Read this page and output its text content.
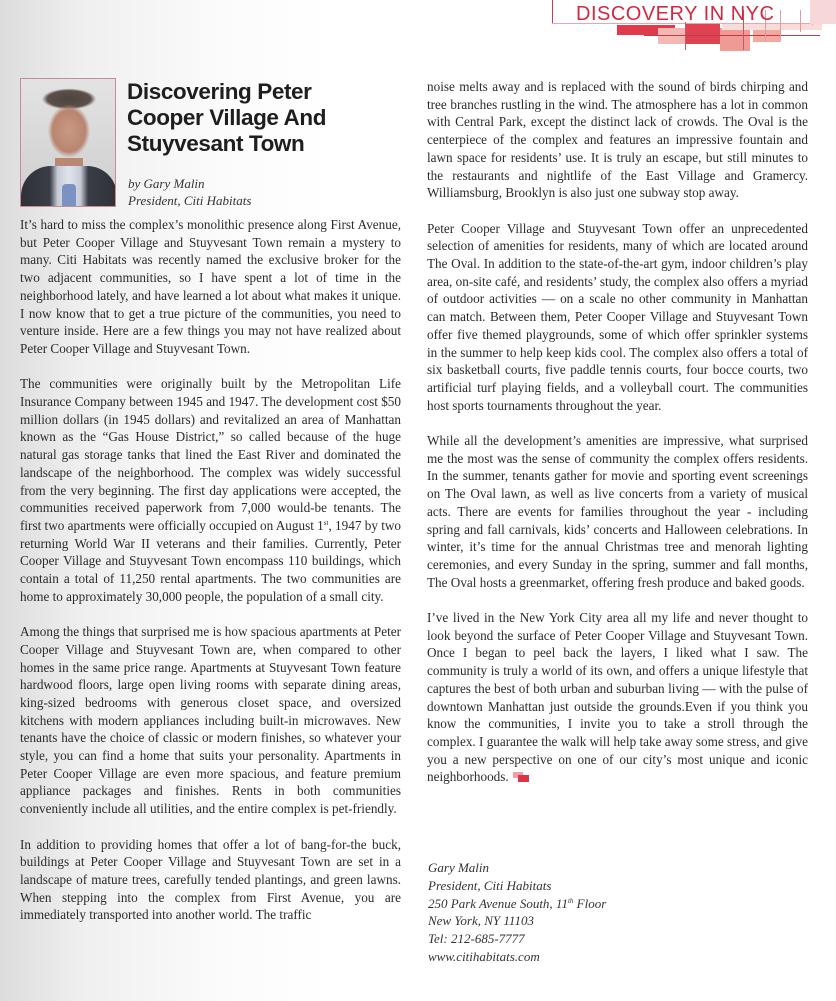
DISCOVERY IN NYC
Discovering Peter
Cooper Village And
Stuyvesant Town
by Gary Malin
President, Citi Habitats

It’s hard to miss the complex’s monolithic presence along First Avenue, but Peter Cooper Village and Stuyvesant Town remain a mystery to many. Citi Habitats was recently named the exclusive broker for the two adjacent communities, so I have spent a lot of time in the neighborhood lately, and have learned a lot about what makes it unique. I now know that to get a true picture of the communities, you need to venture inside. Here are a few things you may not have realized about Peter Cooper Village and Stuyvesant Town.

The communities were originally built by the Metropolitan Life Insurance Company between 1945 and 1947. The development cost $50 million dollars (in 1945 dollars) and revitalized an area of Manhattan known as the “Gas House District,” so called because of the huge natural gas storage tanks that lined the East River and dominated the landscape of the neighborhood. The complex was widely successful from the very beginning. The first day applications were accepted, the communities received paperwork from 7,000 would-be tenants. The first two apartments were officially occupied on August 1st, 1947 by two returning World War II veterans and their families. Currently, Peter Cooper Village and Stuyvesant Town encompass 110 buildings, which contain a total of 11,250 rental apartments. The two communities are home to approximately 30,000 people, the population of a small city.

Among the things that surprised me is how spacious apartments at Peter Cooper Village and Stuyvesant Town are, when compared to other homes in the same price range. Apartments at Stuyvesant Town feature hardwood floors, large open living rooms with separate dining areas, king-sized bedrooms with generous closet space, and oversized kitchens with modern appliances including built-in microwaves. New tenants have the choice of classic or modern finishes, so whatever your style, you can find a home that suits your personality. Apartments in Peter Cooper Village are even more spacious, and feature premium appliance packages and finishes. Rents in both communities conveniently include all utilities, and the entire complex is pet-friendly.

In addition to providing homes that offer a lot of bang-for-the buck, buildings at Peter Cooper Village and Stuyvesant Town are set in a landscape of mature trees, carefully tended plantings, and green lawns. When stepping into the complex from First Avenue, you are immediately transported into another world. The traffic

noise melts away and is replaced with the sound of birds chirping and tree branches rustling in the wind. The atmosphere has a lot in common with Central Park, except the distinct lack of crowds. The Oval is the centerpiece of the complex and features an impressive fountain and lawn space for residents’ use. It is truly an escape, but still minutes to the restaurants and nightlife of the East Village and Gramercy. Williamsburg, Brooklyn is also just one subway stop away.

Peter Cooper Village and Stuyvesant Town offer an unprecedented selection of amenities for residents, many of which are located around The Oval. In addition to the state-of-the-art gym, indoor children’s play area, on-site café, and residents’ study, the complex also offers a myriad of outdoor activities — on a scale no other community in Manhattan can match. Between them, Peter Cooper Village and Stuyvesant Town offer five themed playgrounds, some of which offer sprinkler systems in the summer to help keep kids cool. The complex also offers a total of six basketball courts, five paddle tennis courts, four bocce courts, two artificial turf playing fields, and a volleyball court. The communities host sports tournaments throughout the year.

While all the development’s amenities are impressive, what surprised me the most was the sense of community the complex offers residents. In the summer, tenants gather for movie and sporting event screenings on The Oval lawn, as well as live concerts from a variety of musical acts. There are events for families throughout the year - including spring and fall carnivals, kids’ concerts and Halloween celebrations. In winter, it’s time for the annual Christmas tree and menorah lighting ceremonies, and every Sunday in the spring, summer and fall months, The Oval hosts a greenmarket, offering fresh produce and baked goods.

I’ve lived in the New York City area all my life and never thought to look beyond the surface of Peter Cooper Village and Stuyvesant Town. Once I began to peel back the layers, I liked what I saw. The community is truly a world of its own, and offers a unique lifestyle that captures the best of both urban and suburban living — with the pulse of downtown Manhattan just outside the grounds.Even if you think you know the communities, I invite you to take a stroll through the complex. I guarantee the walk will help take away some stress, and give you a new perspective on one of our city’s most unique and iconic neighborhoods.

Gary Malin
President, Citi Habitats
250 Park Avenue South, 11th Floor
New York, NY 11103
Tel: 212-685-7777
www.citihabitats.com
